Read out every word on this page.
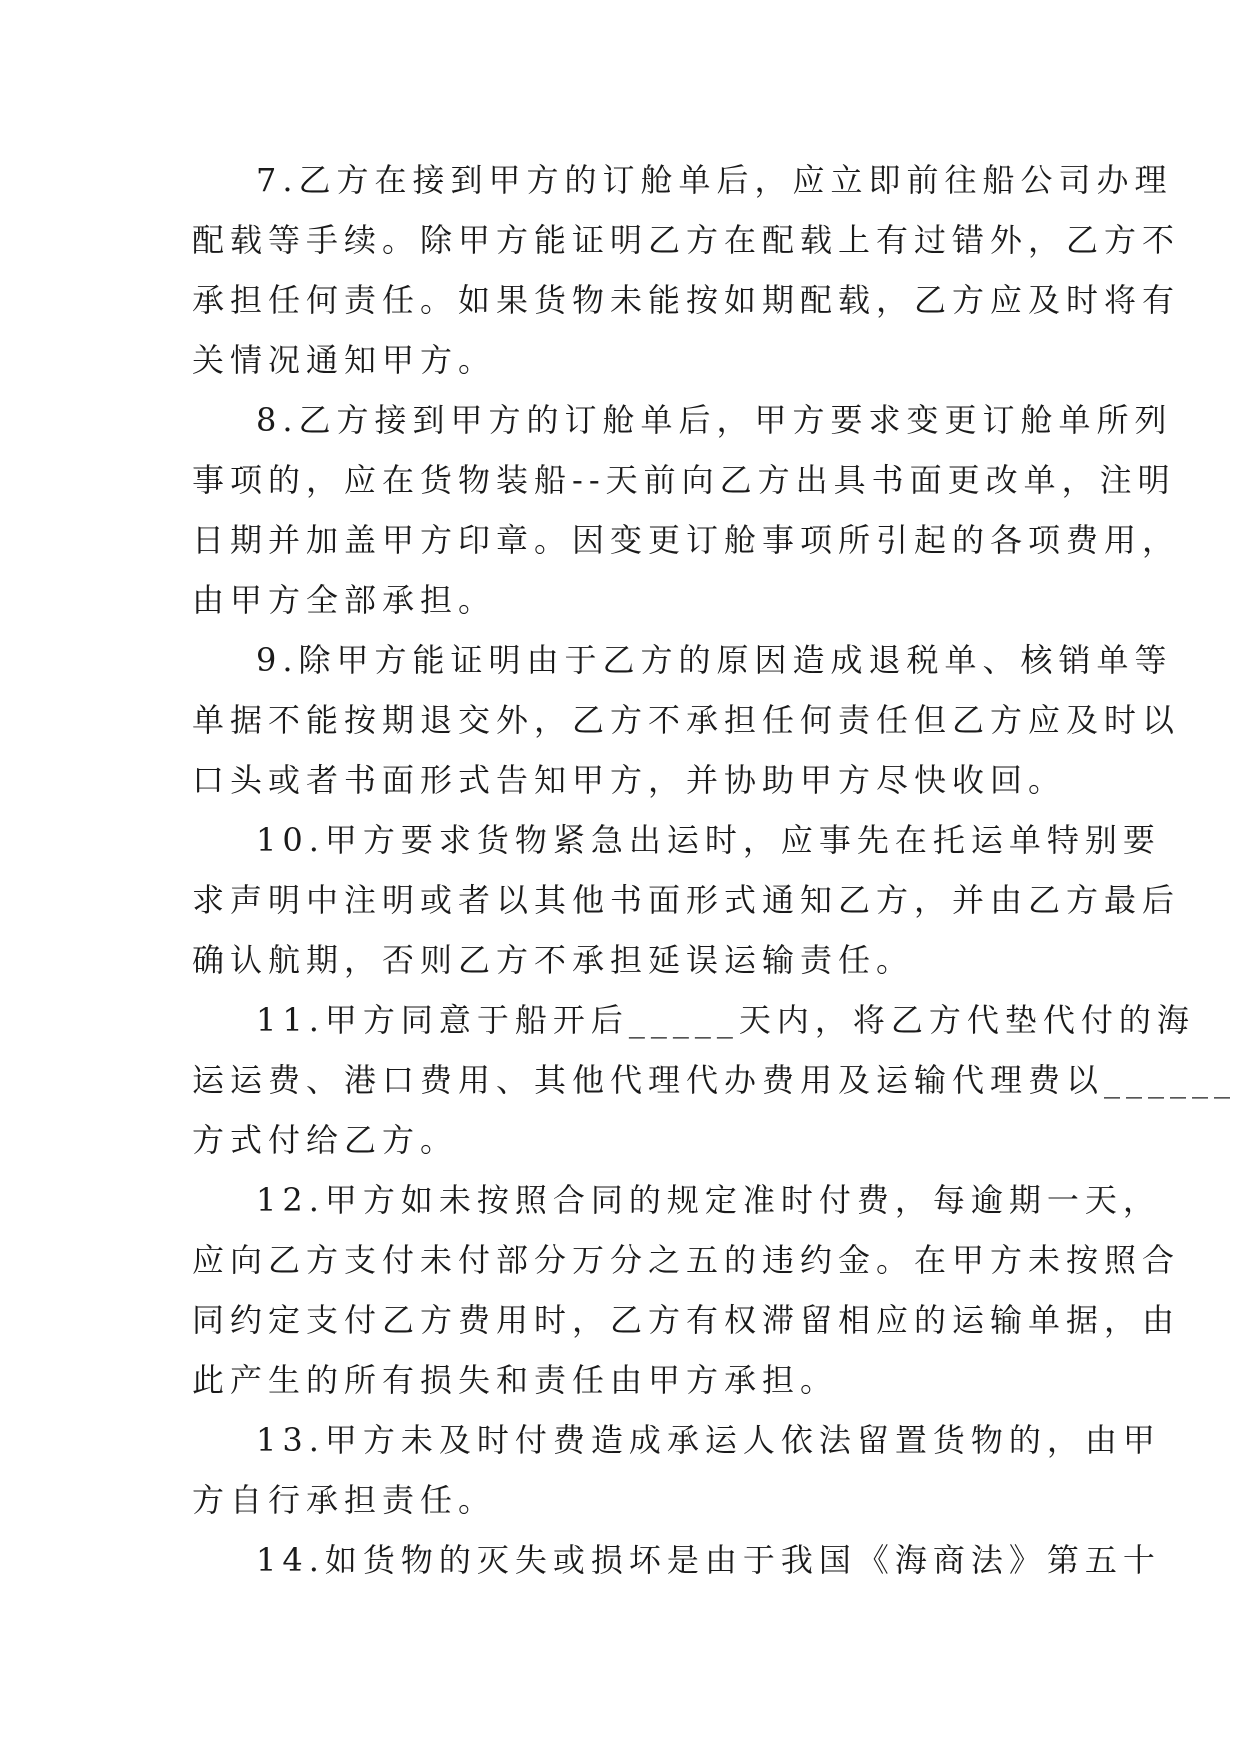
7.乙方在接到甲方的订舱单后，应立即前往船公司办理
配载等手续。除甲方能证明乙方在配载上有过错外，乙方不
承担任何责任。如果货物未能按如期配载，乙方应及时将有
关情况通知甲方。
8.乙方接到甲方的订舱单后，甲方要求变更订舱单所列
事项的，应在货物装船--天前向乙方出具书面更改单，注明
日期并加盖甲方印章。因变更订舱事项所引起的各项费用，
由甲方全部承担。
9.除甲方能证明由于乙方的原因造成退税单、核销单等
单据不能按期退交外，乙方不承担任何责任但乙方应及时以
口头或者书面形式告知甲方，并协助甲方尽快收回。
10.甲方要求货物紧急出运时，应事先在托运单特别要
求声明中注明或者以其他书面形式通知乙方，并由乙方最后
确认航期，否则乙方不承担延误运输责任。
11.甲方同意于船开后_____天内，将乙方代垫代付的海
运运费、港口费用、其他代理代办费用及运输代理费以______
方式付给乙方。
12.甲方如未按照合同的规定准时付费，每逾期一天，
应向乙方支付未付部分万分之五的违约金。在甲方未按照合
同约定支付乙方费用时，乙方有权滞留相应的运输单据，由
此产生的所有损失和责任由甲方承担。
13.甲方未及时付费造成承运人依法留置货物的，由甲
方自行承担责任。
14.如货物的灭失或损坏是由于我国《海商法》第五十
